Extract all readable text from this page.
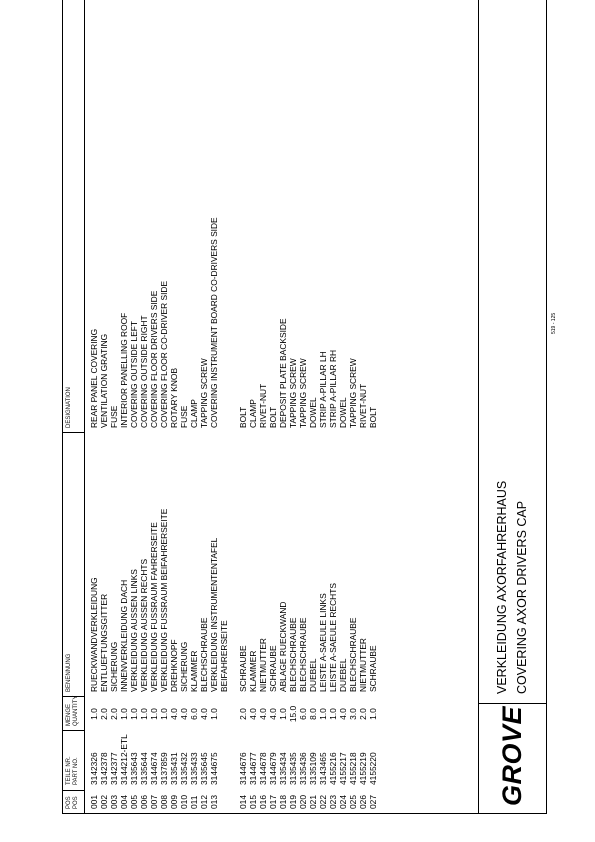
POS POS
TEILE NR. PART NO.
MENGE QUANTITY
BENENNUNG
DESIGNATION
001
3142326
1.0
RUECKWANDVERKLEIDUNG
REAR PANEL COVERING
002
3142378
2.0
ENTLUEFTUNGSGITTER
VENTILATION GRATING
003
3142377
2.0
SICHERUNG
FUSE
004
3144212-ETL
1.0
INNENVERKLEIDUNG DACH
INTERIOR PANELLING ROOF
005
3135643
1.0
VERKLEIDUNG AUSSEN LINKS
COVERING OUTSIDE LEFT
006
3135644
1.0
VERKLEIDUNG AUSSEN RECHTS
COVERING OUTSIDE RIGHT
007
3144674
1.0
VERKLEIDUNG FUSSRAUM FAHRERSEITE
COVERING FLOOR DRIVERS SIDE
008
3137859
1.0
VERKLEIDUNG FUSSRAUM BEIFAHRERSEITE
COVERING FLOOR CO-DRIVER SIDE
009
3135431
4.0
DREHKNOPF
ROTARY KNOB
010
3135432
4.0
SICHERUNG
FUSE
011
3135433
6.0
KLAMMER
CLAMP
012
3135645
4.0
BLECHSCHRAUBE
TAPPING SCREW
013
3144675
1.0
VERKLEIDUNG INSTRUMENTENTAFEL
COVERING INSTRUMENT BOARD CO-DRIVERS SIDE
BEIFAHRERSEITE
014
3144676
2.0
SCHRAUBE
BOLT
015
3144677
4.0
KLAMMER
CLAMP
016
3144678
4.0
NIETMUTTER
RIVET-NUT
017
3144679
4.0
SCHRAUBE
BOLT
018
3135434
1.0
ABLAGE RUECKWAND
DEPOSIT PLATE BACKSIDE
019
3135435
15.0
BLECHSCHRAUBE
TAPPING SCREW
020
3135436
6.0
BLECHSCHRAUBE
TAPPING SCREW
021
3135109
8.0
DUEBEL
DOWEL
022
3143465
1.0
LEISTE A-SAEULE LINKS
STRIP A-PILLAR LH
023
4155216
1.0
LEISTE A-SAEULE RECHTS
STRIP A-PILLAR RH
024
4155217
4.0
DUEBEL
DOWEL
025
4155218
3.0
BLECHSCHRAUBE
TAPPING SCREW
026
4155219
2.0
NIETMUTTER
RIVET-NUT
027
4155220
1.0
SCHRAUBE
BOLT
GROVE
VERKLEIDUNG AXORFAHRERHAUS COVERING AXOR DRIVERS CAP
519 - 125
